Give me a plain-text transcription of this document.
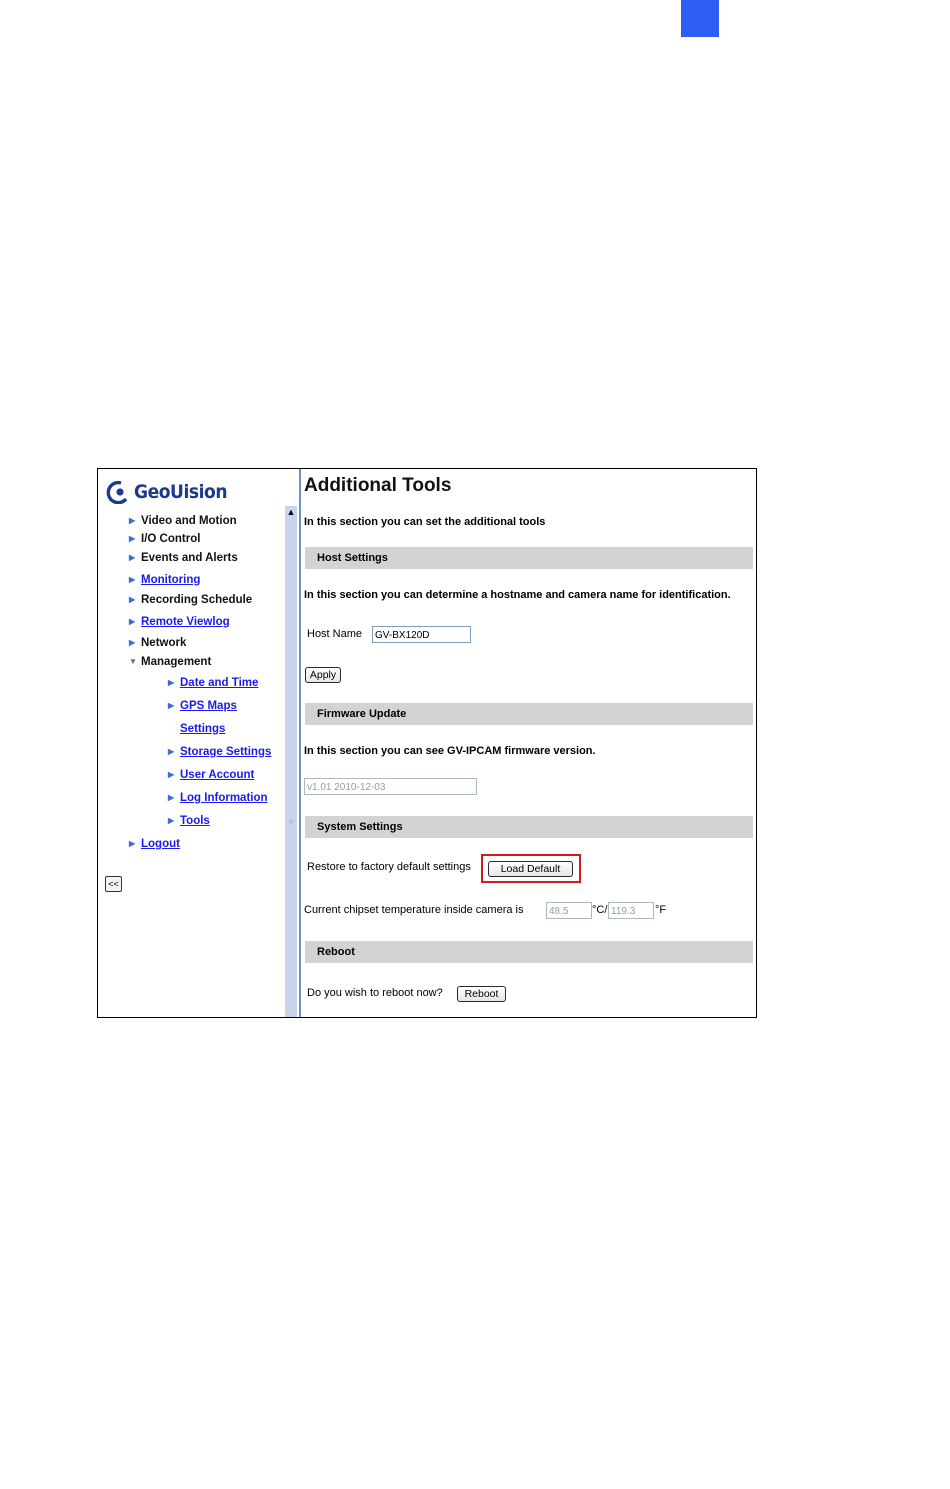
GeoUision
▶ Video and Motion
▶ I/O Control
▶ Events and Alerts
▶ Monitoring
▶ Recording Schedule
▶ Remote Viewlog
▶ Network
▼ Management
▶ Date and Time
▶ GPS Maps
Settings
▶ Storage Settings
▶ User Account
▶ Log Information
▶ Tools
▶ Logout
<<
▲
≡
Additional Tools
In this section you can set the additional tools
Host Settings
In this section you can determine a hostname and camera name for identification.
Host Name	GV-BX120D
Apply
Firmware Update
In this section you can see GV-IPCAM firmware version.
v1.01 2010-12-03
System Settings
Restore to factory default settings	Load Default
Current chipset temperature inside camera is	48.5	°C/ 119.3	°F
Reboot
Do you wish to reboot now?	Reboot
